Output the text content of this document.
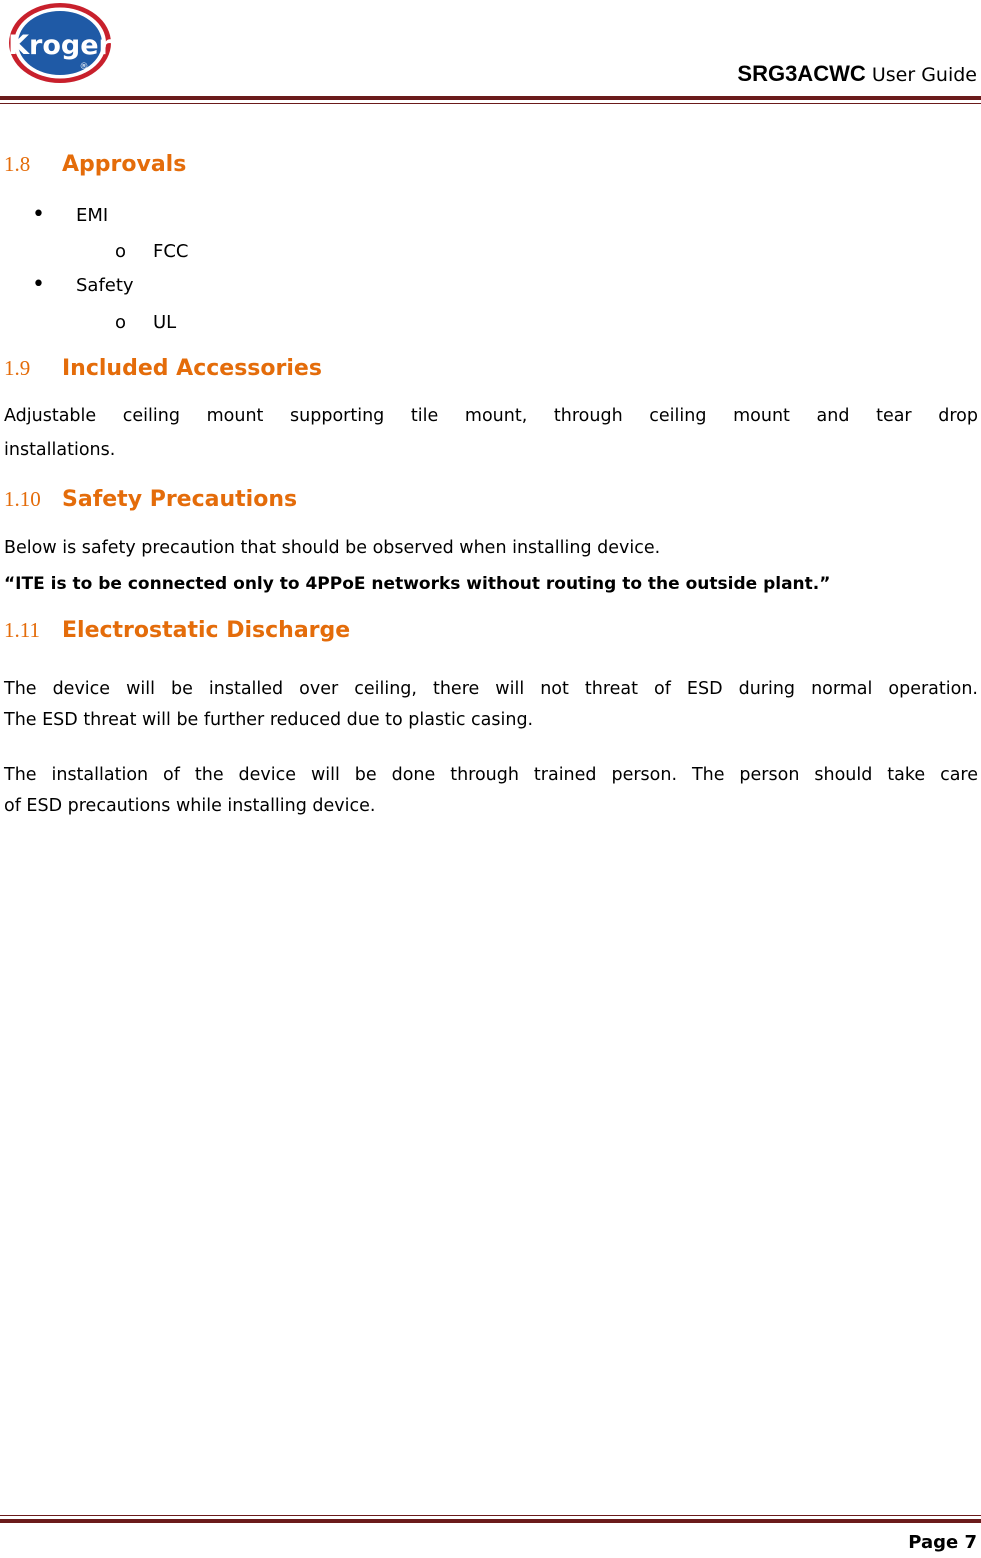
Kroger
®	SRG3ACWC User Guide
1.8 Approvals
• EMI
o FCC
• Safety
o UL
1.9 Included Accessories
Adjustable ceiling mount supporting tile mount, through ceiling mount and tear drop
installations.
1.10 Safety Precautions
Below is safety precaution that should be observed when installing device.
“ITE is to be connected only to 4PPoE networks without routing to the outside plant.”
1.11 Electrostatic Discharge
The device will be installed over ceiling, there will not threat of ESD during normal operation.
The ESD threat will be further reduced due to plastic casing.
The installation of the device will be done through trained person. The person should take care
of ESD precautions while installing device.
Page 7
